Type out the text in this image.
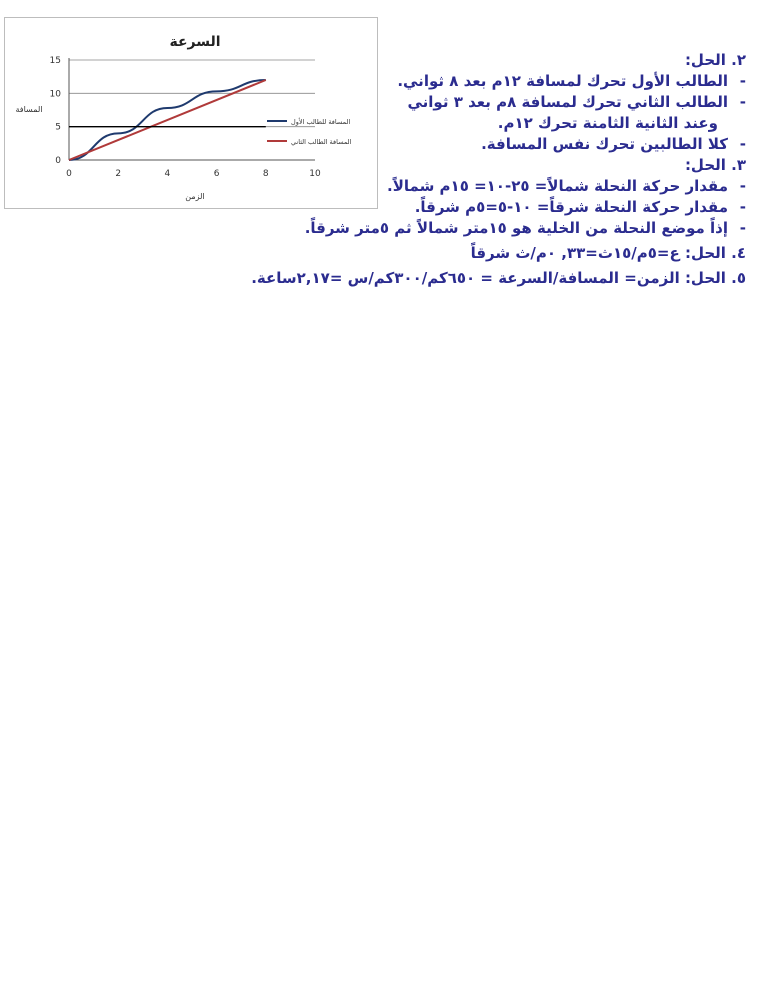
السرعة
المسافة
الزمن
0
5
10
15
0	2	4	6	8	10
المسافة للطالب الأول
المسافة الطالب الثاني
٢. الحل:
- الطالب الأول تحرك لمسافة ١٢م بعد ٨ ثواني.
- الطالب الثاني تحرك لمسافة ٨م بعد ٣ ثواني
وعند الثانية الثامنة تحرك ١٢م.
- كلا الطالبين تحرك نفس المسافة.
٣. الحل:
- مقدار حركة النحلة شمالاً= ٢٥-١٠= ١٥م شمالاً.
- مقدار حركة النحلة شرقاً= ١٠-٥=٥م شرقاً.
- إذاً موضع النحلة من الخلية هو ١٥متر شمالاً ثم ٥متر شرقاً.
٤. الحل: ع=٥م/١٥ث=٣٣, ٠م/ث شرقاً
٥. الحل: الزمن= المسافة/السرعة = ٦٥٠كم/٣٠٠كم/س =٢,١٧ساعة.
